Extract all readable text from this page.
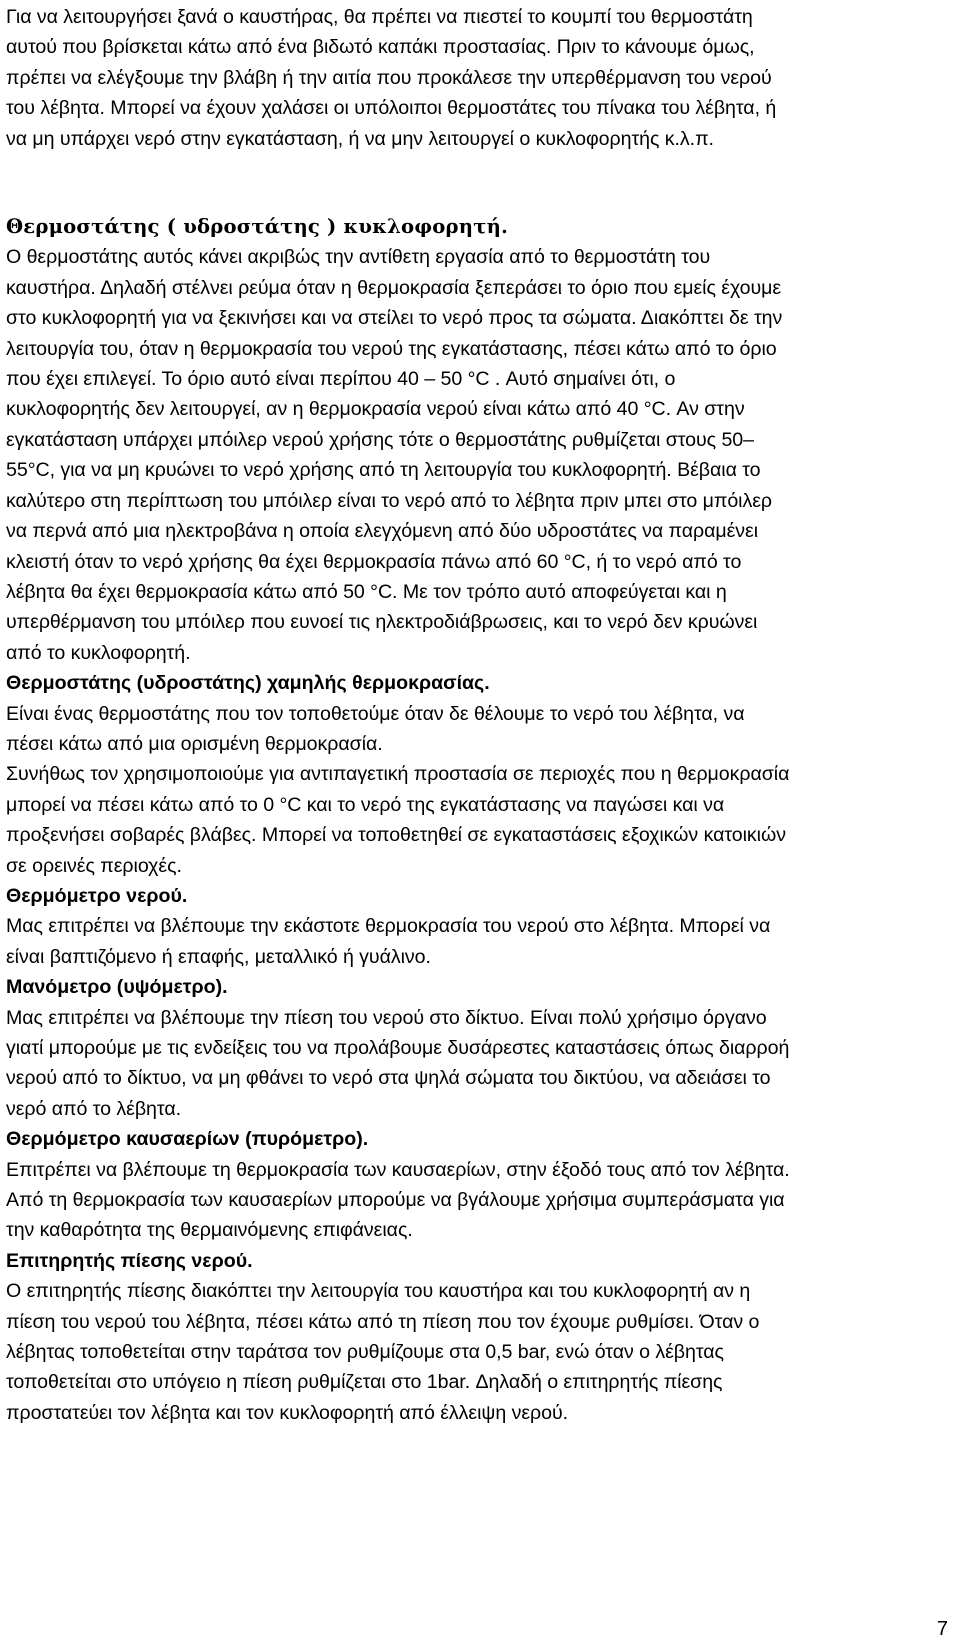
Για να λειτουργήσει ξανά ο καυστήρας, θα πρέπει να πιεστεί το κουμπί του θερμοστάτη
αυτού που βρίσκεται κάτω από ένα βιδωτό καπάκι προστασίας. Πριν το κάνουμε όμως,
πρέπει να ελέγξουμε την βλάβη ή την αιτία που προκάλεσε την υπερθέρμανση του νερού
του λέβητα. Μπορεί να έχουν χαλάσει οι υπόλοιποι θερμοστάτες του πίνακα του λέβητα, ή
να μη υπάρχει νερό στην εγκατάσταση, ή να μην λειτουργεί ο κυκλοφορητής κ.λ.π.

Θερμοστάτης ( υδροστάτης ) κυκλοφορητή.

Ο θερμοστάτης αυτός κάνει ακριβώς την αντίθετη εργασία από το θερμοστάτη του
καυστήρα. Δηλαδή στέλνει ρεύμα όταν η θερμοκρασία ξεπεράσει το όριο που εμείς έχουμε
στο κυκλοφορητή για να ξεκινήσει και να στείλει το νερό προς τα σώματα. Διακόπτει δε την
λειτουργία του, όταν η θερμοκρασία του νερού της εγκατάστασης, πέσει κάτω από το όριο
που έχει επιλεγεί. Το όριο αυτό είναι περίπου 40 – 50 °C . Αυτό σημαίνει ότι, ο
κυκλοφορητής δεν λειτουργεί, αν η θερμοκρασία νερού είναι κάτω από 40 °C. Αν στην
εγκατάσταση υπάρχει μπόιλερ νερού χρήσης τότε ο θερμοστάτης ρυθμίζεται στους 50–
55°C, για να μη κρυώνει το νερό χρήσης από τη λειτουργία του κυκλοφορητή. Βέβαια το
καλύτερο στη περίπτωση του μπόιλερ είναι το νερό από το λέβητα πριν μπει στο μπόιλερ
να περνά από μια ηλεκτροβάνα η οποία ελεγχόμενη από δύο υδροστάτες να παραμένει
κλειστή όταν το νερό χρήσης θα έχει θερμοκρασία πάνω από 60 °C, ή το νερό από το
λέβητα θα έχει θερμοκρασία κάτω από 50 °C. Με τον τρόπο αυτό αποφεύγεται και η
υπερθέρμανση του μπόιλερ που ευνοεί τις ηλεκτροδιάβρωσεις, και το νερό δεν κρυώνει
από το κυκλοφορητή.

Θερμοστάτης (υδροστάτης) χαμηλής θερμοκρασίας.

Είναι ένας θερμοστάτης που τον τοποθετούμε όταν δε θέλουμε το νερό του λέβητα, να
πέσει κάτω από μια ορισμένη θερμοκρασία.
Συνήθως τον χρησιμοποιούμε για αντιπαγετική προστασία σε περιοχές που η θερμοκρασία
μπορεί να πέσει κάτω από το 0 °C και το νερό της εγκατάστασης να παγώσει και να
προξενήσει σοβαρές βλάβες. Μπορεί να τοποθετηθεί σε εγκαταστάσεις εξοχικών κατοικιών
σε ορεινές περιοχές.

Θερμόμετρο νερού.

Μας επιτρέπει να βλέπουμε την εκάστοτε θερμοκρασία του νερού στο λέβητα. Μπορεί να
είναι βαπτιζόμενο ή επαφής, μεταλλικό ή γυάλινο.

Μανόμετρο (υψόμετρο).

Μας επιτρέπει να βλέπουμε την πίεση του νερού στο δίκτυο. Είναι πολύ χρήσιμο όργανο
γιατί μπορούμε με τις ενδείξεις του να προλάβουμε δυσάρεστες καταστάσεις όπως διαρροή
νερού από το δίκτυο, να μη φθάνει το νερό στα ψηλά σώματα του δικτύου, να αδειάσει το
νερό από το λέβητα.

Θερμόμετρο καυσαερίων (πυρόμετρο).

Επιτρέπει να βλέπουμε τη θερμοκρασία των καυσαερίων, στην έξοδό τους από τον λέβητα.
Από τη θερμοκρασία των καυσαερίων μπορούμε να βγάλουμε χρήσιμα συμπεράσματα για
την καθαρότητα της θερμαινόμενης επιφάνειας.

Επιτηρητής πίεσης νερού.

Ο επιτηρητής πίεσης διακόπτει την λειτουργία του καυστήρα και του κυκλοφορητή αν η
πίεση του νερού του λέβητα, πέσει κάτω από τη πίεση που τον έχουμε ρυθμίσει. Όταν ο
λέβητας τοποθετείται στην ταράτσα τον ρυθμίζουμε στα 0,5 bar, ενώ όταν ο λέβητας
τοποθετείται στο υπόγειο η πίεση ρυθμίζεται στο 1bar. Δηλαδή ο επιτηρητής πίεσης
προστατεύει τον λέβητα και τον κυκλοφορητή από έλλειψη νερού.

7
